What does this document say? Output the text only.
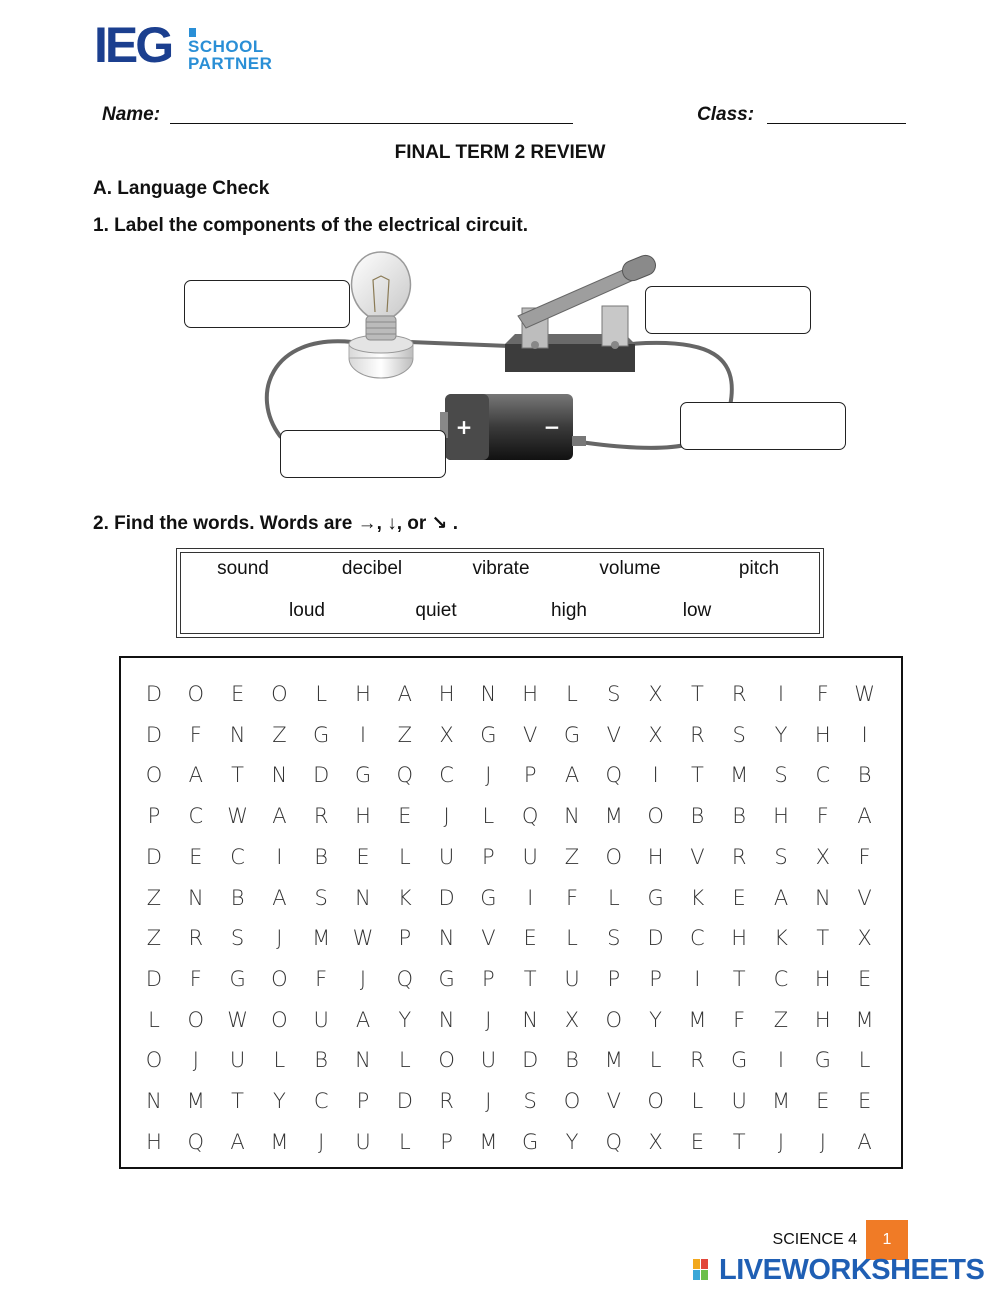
IEG SCHOOL
PARTNER
Name:	Class:
FINAL TERM 2 REVIEW
A. Language Check
1. Label the components of the electrical circuit.
+	−
2. Find the words. Words are →, ↓, or ↘ .
sound	decibel	vibrate	volume	pitch
loud	quiet	high	low
D	O	E	O	L	H	A	H	N	H	L	S	X	T	R	I	F	W
D	F	N	Z	G	I	Z	X	G	V	G	V	X	R	S	Y	H	I
O	A	T	N	D	G	Q	C	J	P	A	Q	I	T	M	S	C	B
P	C	W	A	R	H	E	J	L	Q	N	M	O	B	B	H	F	A
D	E	C	I	B	E	L	U	P	U	Z	O	H	V	R	S	X	F
Z	N	B	A	S	N	K	D	G	I	F	L	G	K	E	A	N	V
Z	R	S	J	M	W	P	N	V	E	L	S	D	C	H	K	T	X
D	F	G	O	F	J	Q	G	P	T	U	P	P	I	T	C	H	E
L	O	W	O	U	A	Y	N	J	N	X	O	Y	M	F	Z	H	M
O	J	U	L	B	N	L	O	U	D	B	M	L	R	G	I	G	L
N	M	T	Y	C	P	D	R	J	S	O	V	O	L	U	M	E	E
H	Q	A	M	J	U	L	P	M	G	Y	Q	X	E	T	J	J	A
SCIENCE 4	1
LIVEWORKSHEETS
